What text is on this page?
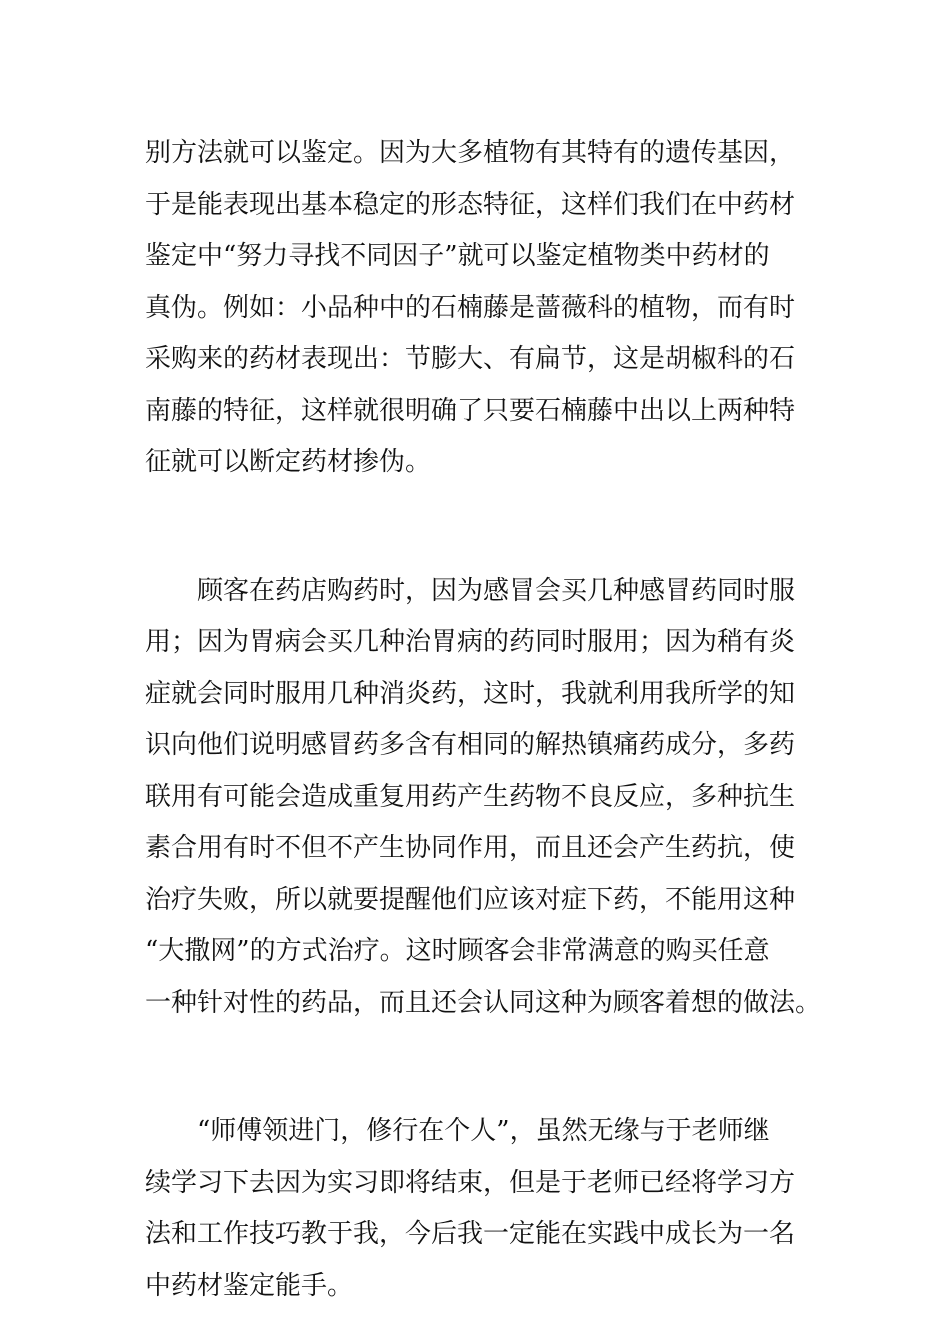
别方法就可以鉴定。因为大多植物有其特有的遗传基因，
于是能表现出基本稳定的形态特征，这样们我们在中药材
鉴定中“努力寻找不同因子”就可以鉴定植物类中药材的
真伪。例如：小品种中的石楠藤是蔷薇科的植物，而有时
采购来的药材表现出：节膨大、有扁节，这是胡椒科的石
南藤的特征，这样就很明确了只要石楠藤中出以上两种特
征就可以断定药材掺伪。
顾客在药店购药时，因为感冒会买几种感冒药同时服
用；因为胃病会买几种治胃病的药同时服用；因为稍有炎
症就会同时服用几种消炎药，这时，我就利用我所学的知
识向他们说明感冒药多含有相同的解热镇痛药成分，多药
联用有可能会造成重复用药产生药物不良反应，多种抗生
素合用有时不但不产生协同作用，而且还会产生药抗，使
治疗失败，所以就要提醒他们应该对症下药，不能用这种
“大撒网”的方式治疗。这时顾客会非常满意的购买任意
一种针对性的药品，而且还会认同这种为顾客着想的做法。
“师傅领进门，修行在个人”，虽然无缘与于老师继
续学习下去因为实习即将结束，但是于老师已经将学习方
法和工作技巧教于我，今后我一定能在实践中成长为一名
中药材鉴定能手。
